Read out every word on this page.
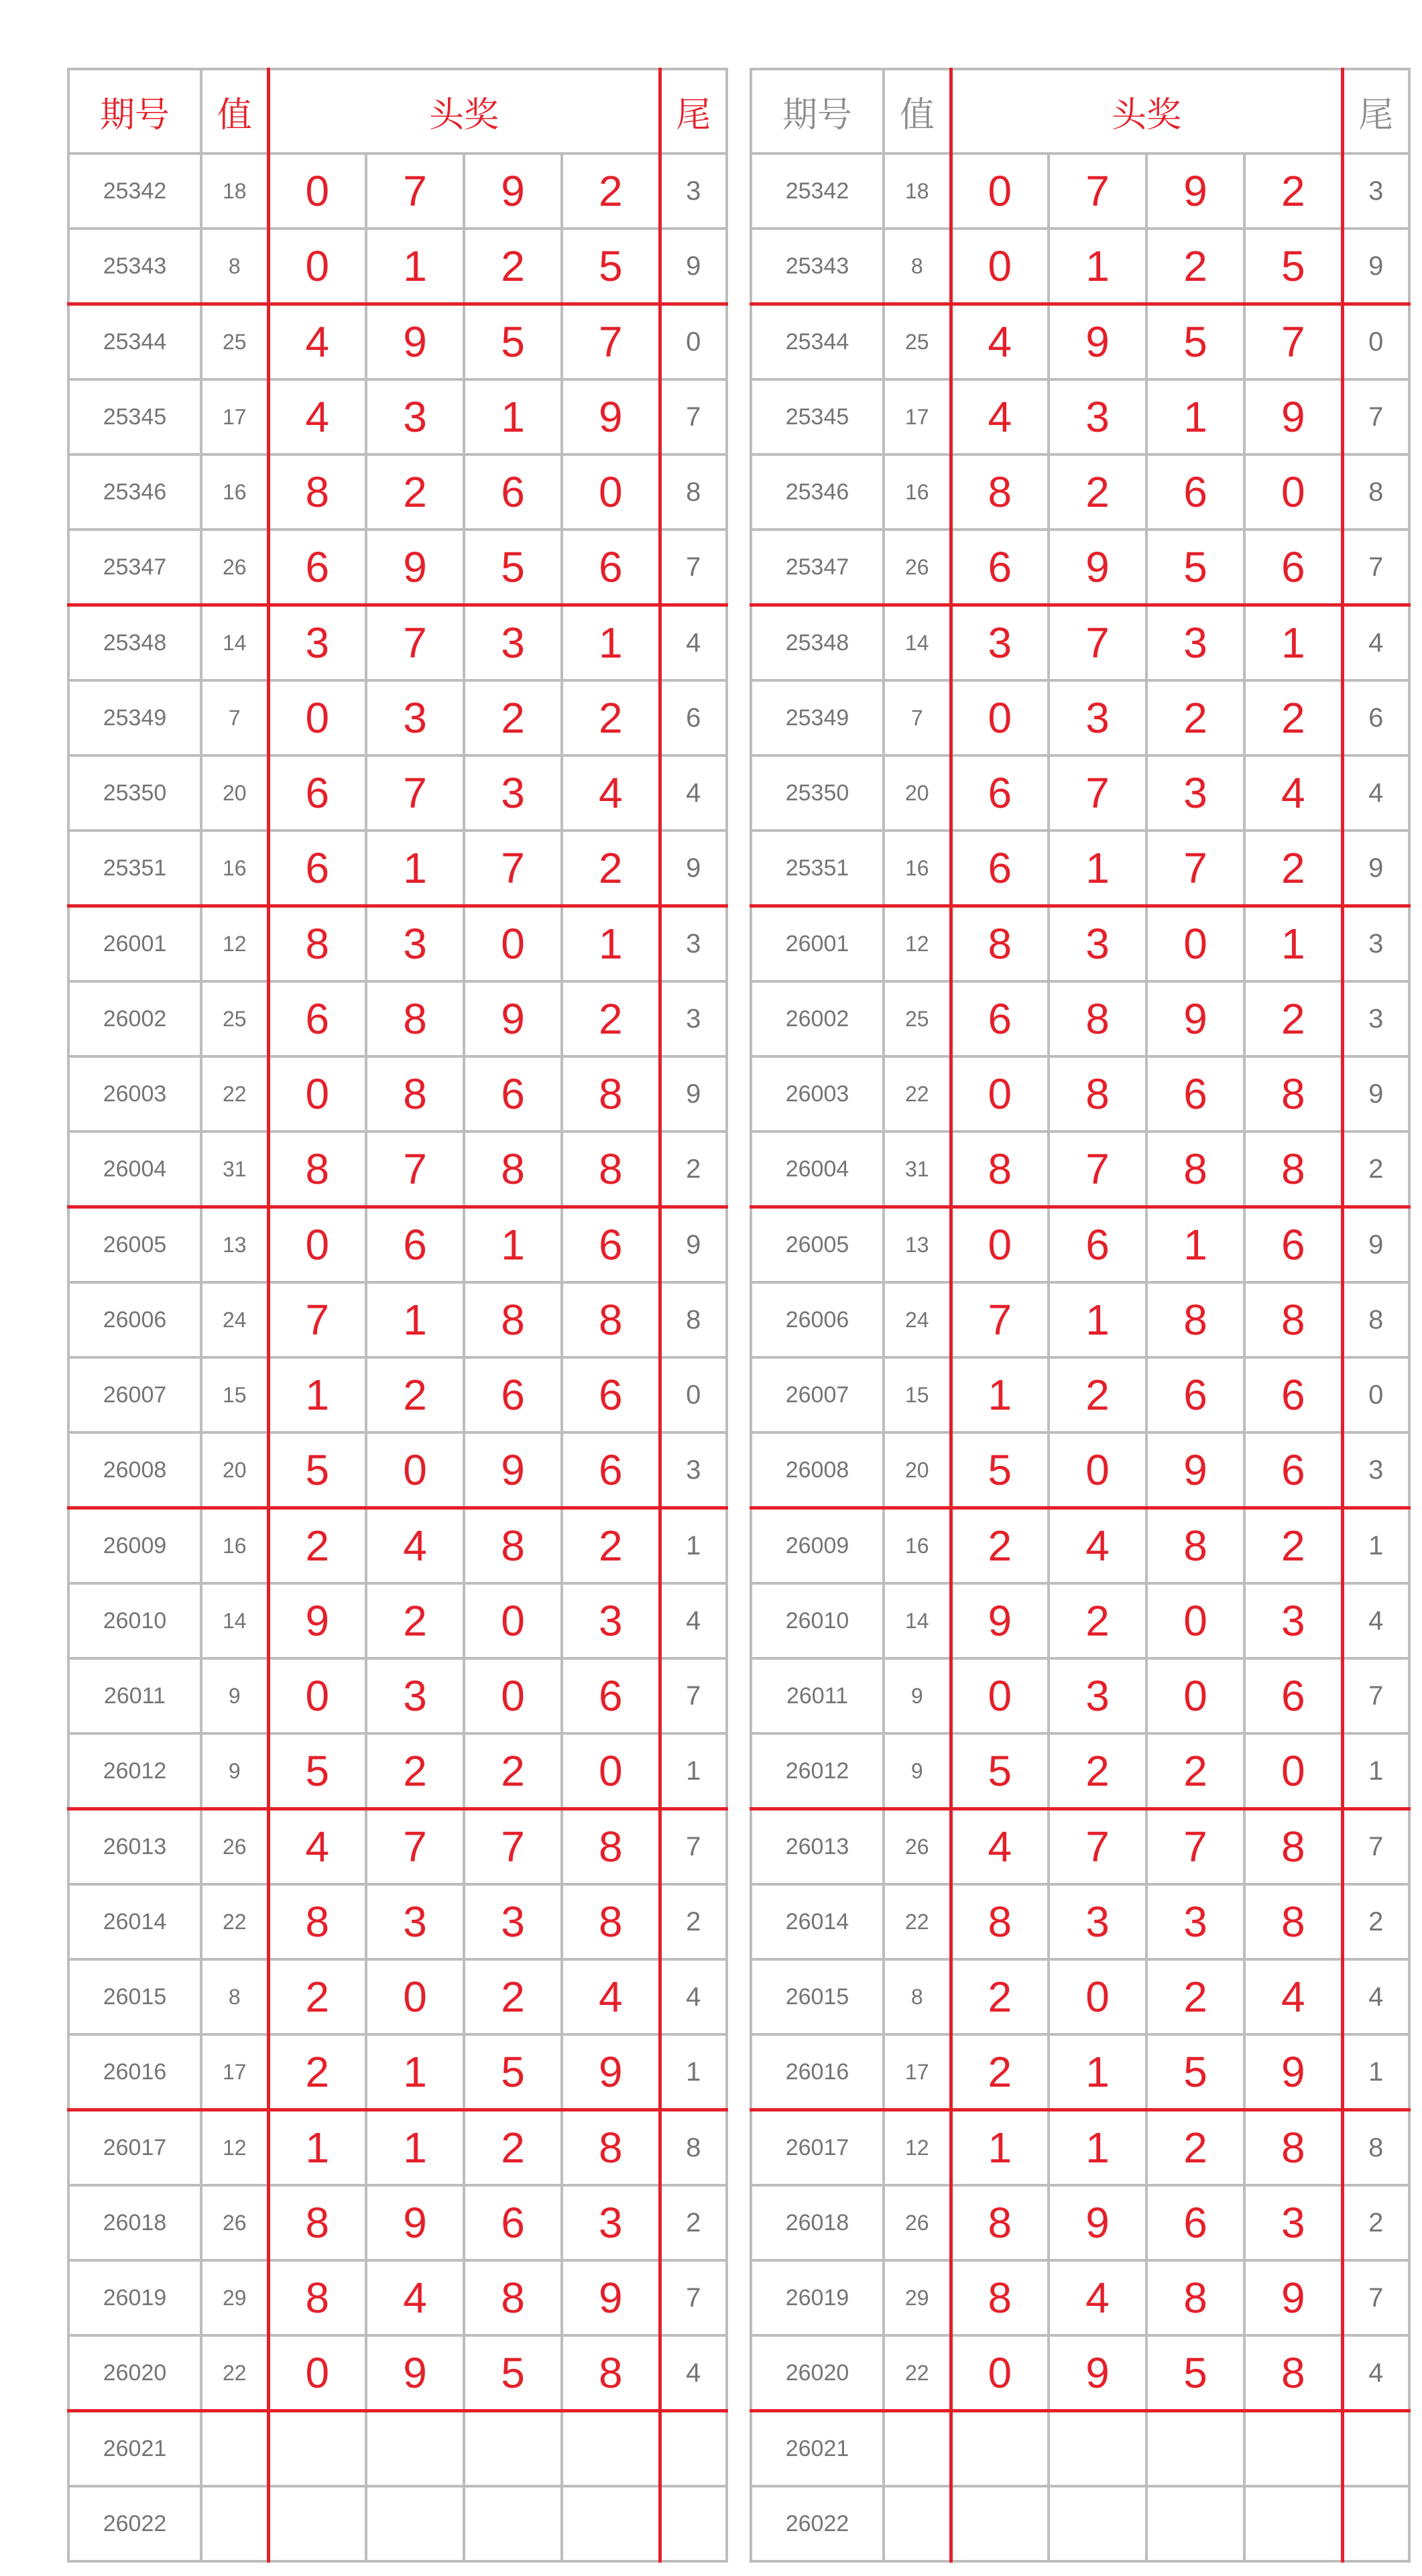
期号	值	头奖				尾
25342	18	0	7	9	2	3
25343	8	0	1	2	5	9
25344	25	4	9	5	7	0
25345	17	4	3	1	9	7
25346	16	8	2	6	0	8
25347	26	6	9	5	6	7
25348	14	3	7	3	1	4
25349	7	0	3	2	2	6
25350	20	6	7	3	4	4
25351	16	6	1	7	2	9
26001	12	8	3	0	1	3
26002	25	6	8	9	2	3
26003	22	0	8	6	8	9
26004	31	8	7	8	8	2
26005	13	0	6	1	6	9
26006	24	7	1	8	8	8
26007	15	1	2	6	6	0
26008	20	5	0	9	6	3
26009	16	2	4	8	2	1
26010	14	9	2	0	3	4
26011	9	0	3	0	6	7
26012	9	5	2	2	0	1
26013	26	4	7	7	8	7
26014	22	8	3	3	8	2
26015	8	2	0	2	4	4
26016	17	2	1	5	9	1
26017	12	1	1	2	8	8
26018	26	8	9	6	3	2
26019	29	8	4	8	9	7
26020	22	0	9	5	8	4
26021						
26022						
期号	值	头奖				尾
25342	18	0	7	9	2	3
25343	8	0	1	2	5	9
25344	25	4	9	5	7	0
25345	17	4	3	1	9	7
25346	16	8	2	6	0	8
25347	26	6	9	5	6	7
25348	14	3	7	3	1	4
25349	7	0	3	2	2	6
25350	20	6	7	3	4	4
25351	16	6	1	7	2	9
26001	12	8	3	0	1	3
26002	25	6	8	9	2	3
26003	22	0	8	6	8	9
26004	31	8	7	8	8	2
26005	13	0	6	1	6	9
26006	24	7	1	8	8	8
26007	15	1	2	6	6	0
26008	20	5	0	9	6	3
26009	16	2	4	8	2	1
26010	14	9	2	0	3	4
26011	9	0	3	0	6	7
26012	9	5	2	2	0	1
26013	26	4	7	7	8	7
26014	22	8	3	3	8	2
26015	8	2	0	2	4	4
26016	17	2	1	5	9	1
26017	12	1	1	2	8	8
26018	26	8	9	6	3	2
26019	29	8	4	8	9	7
26020	22	0	9	5	8	4
26021						
26022						
